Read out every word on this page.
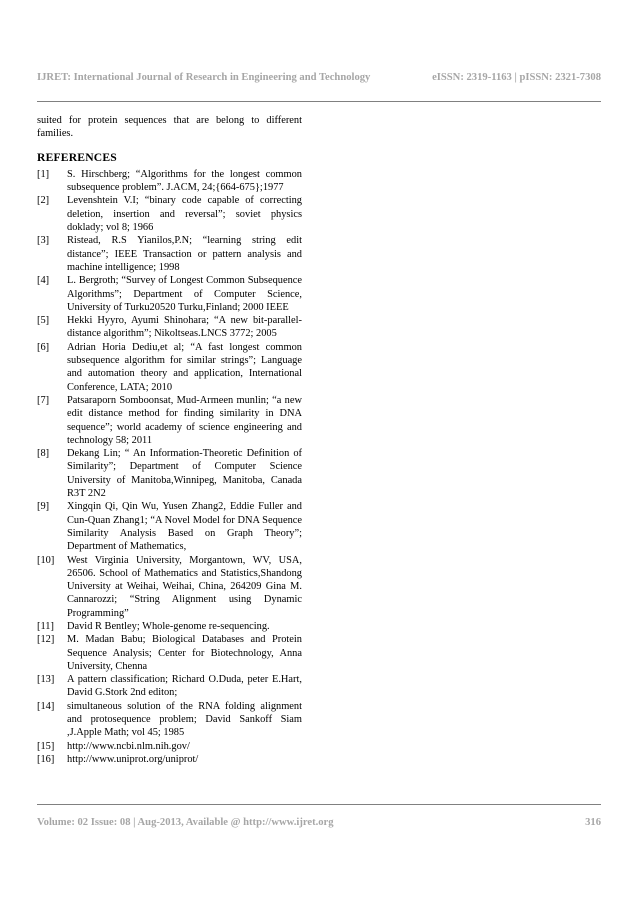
IJRET: International Journal of Research in Engineering and Technology	eISSN: 2319-1163 | pISSN: 2321-7308

suited for protein sequences that are belong to different families.

REFERENCES
[1]	S. Hirschberg; “Algorithms for the longest common subsequence problem”. J.ACM, 24;{664-675};1977
[2]	Levenshtein V.I; “binary code capable of correcting deletion, insertion and reversal”; soviet physics doklady; vol 8; 1966
[3]	Ristead, R.S Yianilos,P.N; “learning string edit distance”; IEEE Transaction or pattern analysis and machine intelligence; 1998
[4]	L. Bergroth; “Survey of Longest Common Subsequence Algorithms”; Department of Computer Science, University of Turku20520 Turku,Finland; 2000 IEEE
[5]	Hekki Hyyro, Ayumi Shinohara; “A new bit-parallel-distance algorithm”; Nikoltseas.LNCS 3772; 2005
[6]	Adrian Horia Dediu,et al; “A fast longest common subsequence algorithm for similar strings”; Language and automation theory and application, International Conference, LATA; 2010
[7]	Patsaraporn Somboonsat, Mud-Armeen munlin; “a new edit distance method for finding similarity in DNA sequence”; world academy of science engineering and technology 58; 2011
[8]	Dekang Lin; “ An Information-Theoretic Definition of Similarity”; Department of Computer Science University of Manitoba,Winnipeg, Manitoba, Canada R3T 2N2
[9]	Xingqin Qi, Qin Wu, Yusen Zhang2, Eddie Fuller and Cun-Quan Zhang1; “A Novel Model for DNA Sequence Similarity Analysis Based on Graph Theory”; Department of Mathematics,
[10]	West Virginia University, Morgantown, WV, USA, 26506. School of Mathematics and Statistics,Shandong University at Weihai, Weihai, China, 264209 Gina M. Cannarozzi; “String Alignment using Dynamic Programming”
[11]	David R Bentley; Whole-genome re-sequencing.
[12]	M. Madan Babu; Biological Databases and Protein Sequence Analysis; Center for Biotechnology, Anna University, Chenna
[13]	A pattern classification; Richard O.Duda, peter E.Hart, David G.Stork 2nd editon;
[14]	simultaneous solution of the RNA folding alignment and protosequence problem; David Sankoff Siam ,J.Apple Math; vol 45; 1985
[15]	http://www.ncbi.nlm.nih.gov/
[16]	http://www.uniprot.org/uniprot/
Volume: 02 Issue: 08 | Aug-2013, Available @ http://www.ijret.org	316
